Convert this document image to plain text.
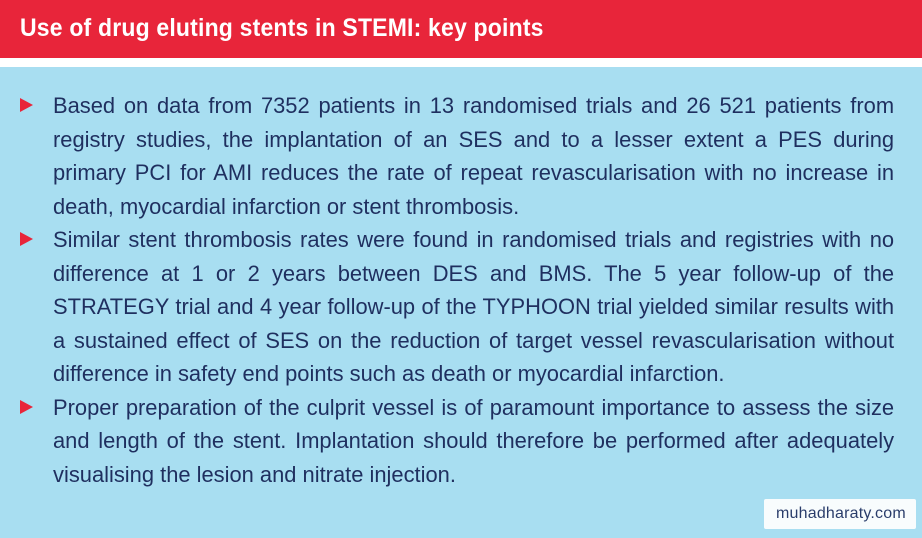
Use of drug eluting stents in STEMI: key points
Based on data from 7352 patients in 13 randomised trials and 26 521 patients from registry studies, the implantation of an SES and to a lesser extent a PES during primary PCI for AMI reduces the rate of repeat revascularisation with no increase in death, myocardial infarction or stent thrombosis.
Similar stent thrombosis rates were found in randomised trials and registries with no difference at 1 or 2 years between DES and BMS. The 5 year follow-up of the STRATEGY trial and 4 year follow-up of the TYPHOON trial yielded similar results with a sustained effect of SES on the reduction of target vessel revascularisation without difference in safety end points such as death or myocardial infarction.
Proper preparation of the culprit vessel is of paramount importance to assess the size and length of the stent. Implantation should therefore be performed after adequately visualising the lesion and nitrate injection.
muhadharaty.com
